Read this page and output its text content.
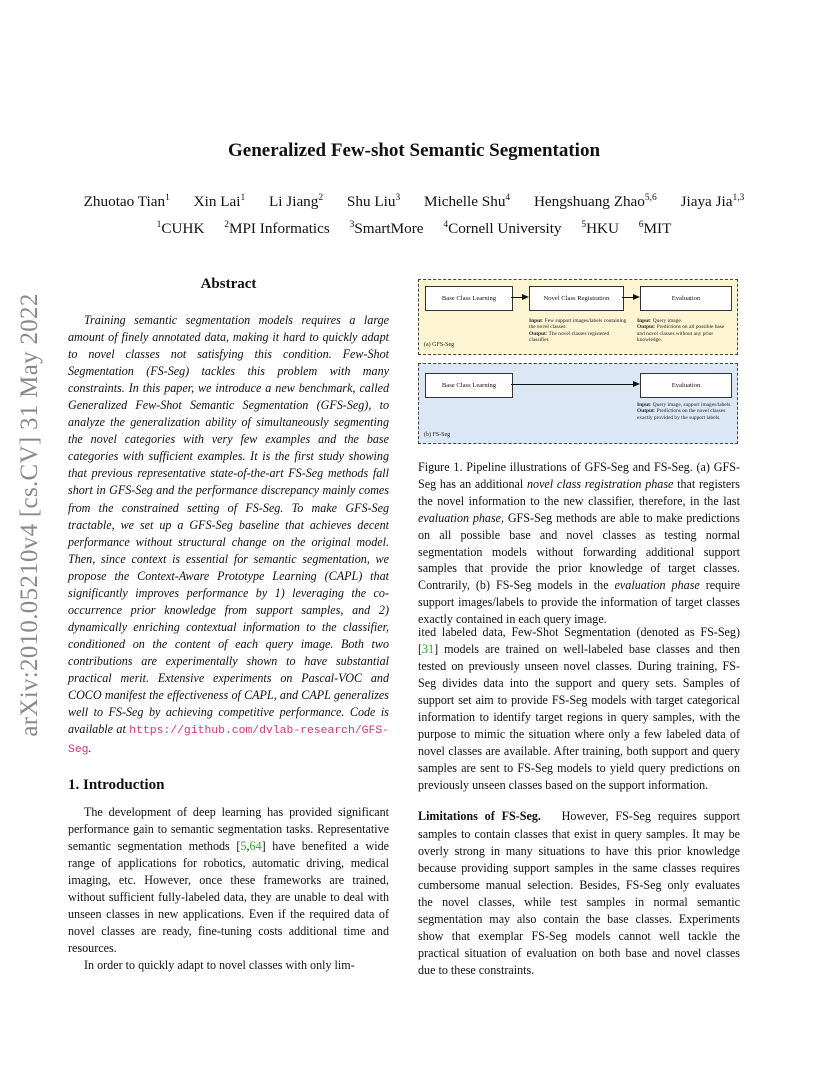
arXiv:2010.05210v4 [cs.CV] 31 May 2022
Generalized Few-shot Semantic Segmentation
Zhuotao Tian$^1$ Xin Lai$^1$ Li Jiang$^2$ Shu Liu$^3$ Michelle Shu$^4$ Hengshuang Zhao$^{5,6}$ Jiaya Jia$^{1,3}$
$^1$CUHK $^2$MPI Informatics $^3$SmartMore $^4$Cornell University $^5$HKU $^6$MIT
Abstract
Training semantic segmentation models requires a large amount of finely annotated data, making it hard to quickly adapt to novel classes not satisfying this condition. Few-Shot Segmentation (FS-Seg) tackles this problem with many constraints. In this paper, we introduce a new benchmark, called Generalized Few-Shot Semantic Segmentation (GFS-Seg), to analyze the generalization ability of simultaneously segmenting the novel categories with very few examples and the base categories with sufficient examples. It is the first study showing that previous representative state-of-the-art FS-Seg methods fall short in GFS-Seg and the performance discrepancy mainly comes from the constrained setting of FS-Seg. To make GFS-Seg tractable, we set up a GFS-Seg baseline that achieves decent performance without structural change on the original model. Then, since context is essential for semantic segmentation, we propose the Context-Aware Prototype Learning (CAPL) that significantly improves performance by 1) leveraging the co-occurrence prior knowledge from support samples, and 2) dynamically enriching contextual information to the classifier, conditioned on the content of each query image. Both two contributions are experimentally shown to have substantial practical merit. Extensive experiments on Pascal-VOC and COCO manifest the effectiveness of CAPL, and CAPL generalizes well to FS-Seg by achieving competitive performance. Code is available at https://github.com/dvlab-research/GFS-Seg.
1. Introduction

The development of deep learning has provided significant performance gain to semantic segmentation tasks. Representative semantic segmentation methods [5,64] have benefited a wide range of applications for robotics, automatic driving, medical imaging, etc. However, once these frameworks are trained, without sufficient fully-labeled data, they are unable to deal with unseen classes in new applications. Even if the required data of novel classes are ready, fine-tuning costs additional time and resources.

In order to quickly adapt to novel classes with only lim-

Base Class Learning	Novel Class Registration	Evaluation
Input: Few support images/labels containing the novel classes.
Output: The novel classes registered classifier.
Input: Query image.
Output: Predictions on all possible base and novel classes without any prior knowledge.
(a) GFS-Seg
Base Class Learning	Evaluation
Input: Query image, support images/labels.
Output: Predictions on the novel classes exactly provided by the support labels.
(b) FS-Seg
Figure 1. Pipeline illustrations of GFS-Seg and FS-Seg. (a) GFS-Seg has an additional novel class registration phase that registers the novel information to the new classifier, therefore, in the last evaluation phase, GFS-Seg methods are able to make predictions on all possible base and novel classes as testing normal segmentation models without forwarding additional support samples that provide the prior knowledge of target classes. Contrarily, (b) FS-Seg models in the evaluation phase require support images/labels to provide the information of target classes exactly contained in each query image.

ited labeled data, Few-Shot Segmentation (denoted as FS-Seg) [31] models are trained on well-labeled base classes and then tested on previously unseen novel classes. During training, FS-Seg divides data into the support and query sets. Samples of support set aim to provide FS-Seg models with target categorical information to identify target regions in query samples, with the purpose to mimic the situation where only a few labeled data of novel classes are available. After training, both support and query samples are sent to FS-Seg models to yield query predictions on previously unseen classes based on the support information.

Limitations of FS-Seg. However, FS-Seg requires support samples to contain classes that exist in query samples. It may be overly strong in many situations to have this prior knowledge because providing support samples in the same classes requires cumbersome manual selection. Besides, FS-Seg only evaluates the novel classes, while test samples in normal semantic segmentation may also contain the base classes. Experiments show that exemplar FS-Seg models cannot well tackle the practical situation of evaluation on both base and novel classes due to these constraints.
